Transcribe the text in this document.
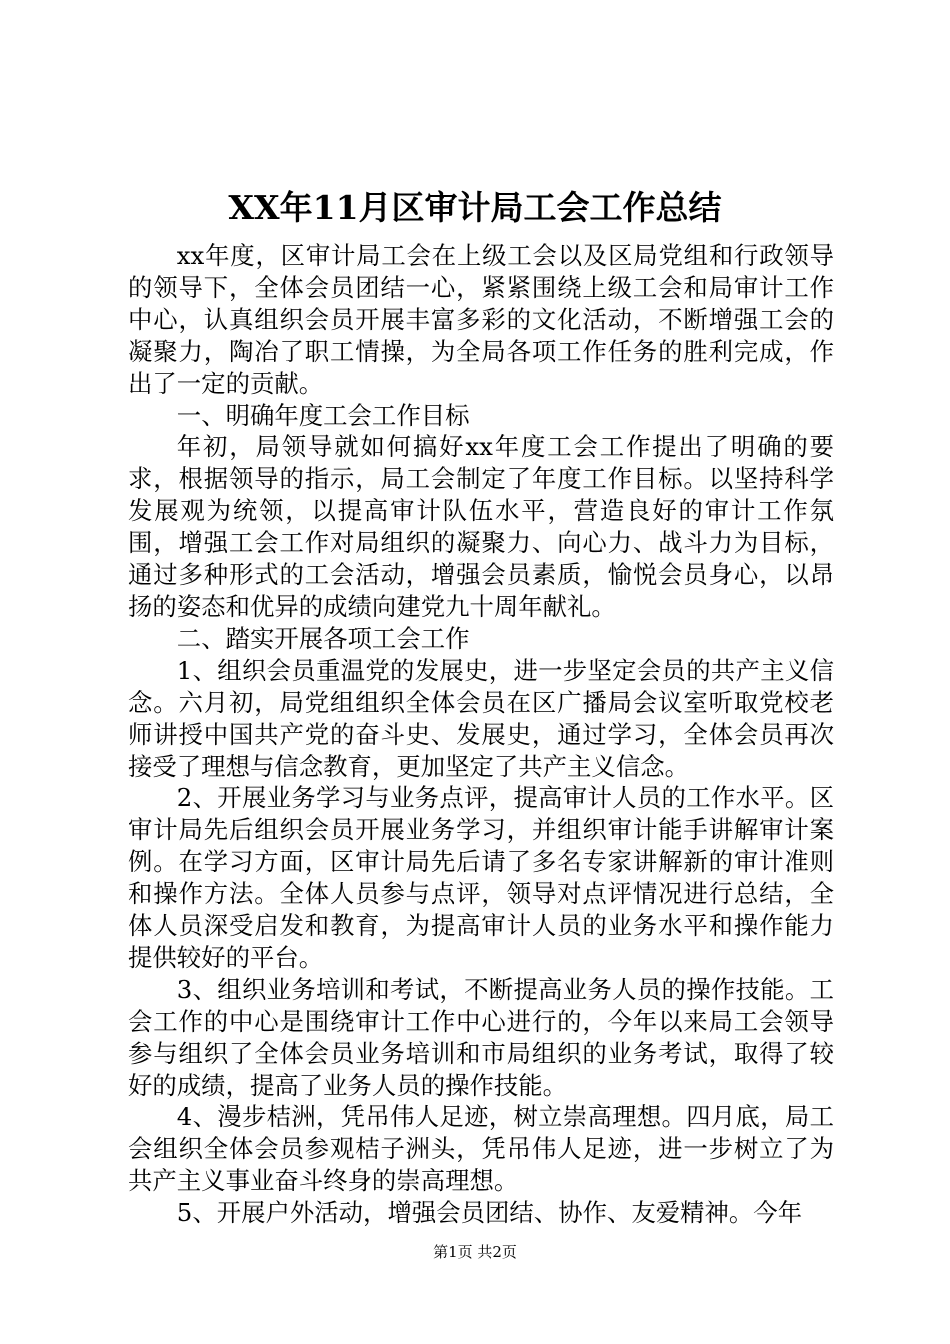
XX年11月区审计局工会工作总结

xx年度，区审计局工会在上级工会以及区局党组和行政领导的领导下，全体会员团结一心，紧紧围绕上级工会和局审计工作中心，认真组织会员开展丰富多彩的文化活动，不断增强工会的凝聚力，陶冶了职工情操，为全局各项工作任务的胜利完成，作出了一定的贡献。

一、明确年度工会工作目标

年初，局领导就如何搞好xx年度工会工作提出了明确的要求，根据领导的指示，局工会制定了年度工作目标。以坚持科学发展观为统领，以提高审计队伍水平，营造良好的审计工作氛围，增强工会工作对局组织的凝聚力、向心力、战斗力为目标，通过多种形式的工会活动，增强会员素质，愉悦会员身心，以昂扬的姿态和优异的成绩向建党九十周年献礼。

二、踏实开展各项工会工作

1、组织会员重温党的发展史，进一步坚定会员的共产主义信念。六月初，局党组组织全体会员在区广播局会议室听取党校老师讲授中国共产党的奋斗史、发展史，通过学习，全体会员再次接受了理想与信念教育，更加坚定了共产主义信念。

2、开展业务学习与业务点评，提高审计人员的工作水平。区审计局先后组织会员开展业务学习，并组织审计能手讲解审计案例。在学习方面，区审计局先后请了多名专家讲解新的审计准则和操作方法。全体人员参与点评，领导对点评情况进行总结，全体人员深受启发和教育，为提高审计人员的业务水平和操作能力提供较好的平台。

3、组织业务培训和考试，不断提高业务人员的操作技能。工会工作的中心是围绕审计工作中心进行的，今年以来局工会领导参与组织了全体会员业务培训和市局组织的业务考试，取得了较好的成绩，提高了业务人员的操作技能。

4、漫步桔洲，凭吊伟人足迹，树立崇高理想。四月底，局工会组织全体会员参观桔子洲头，凭吊伟人足迹，进一步树立了为共产主义事业奋斗终身的崇高理想。

5、开展户外活动，增强会员团结、协作、友爱精神。今年

第1页 共2页
